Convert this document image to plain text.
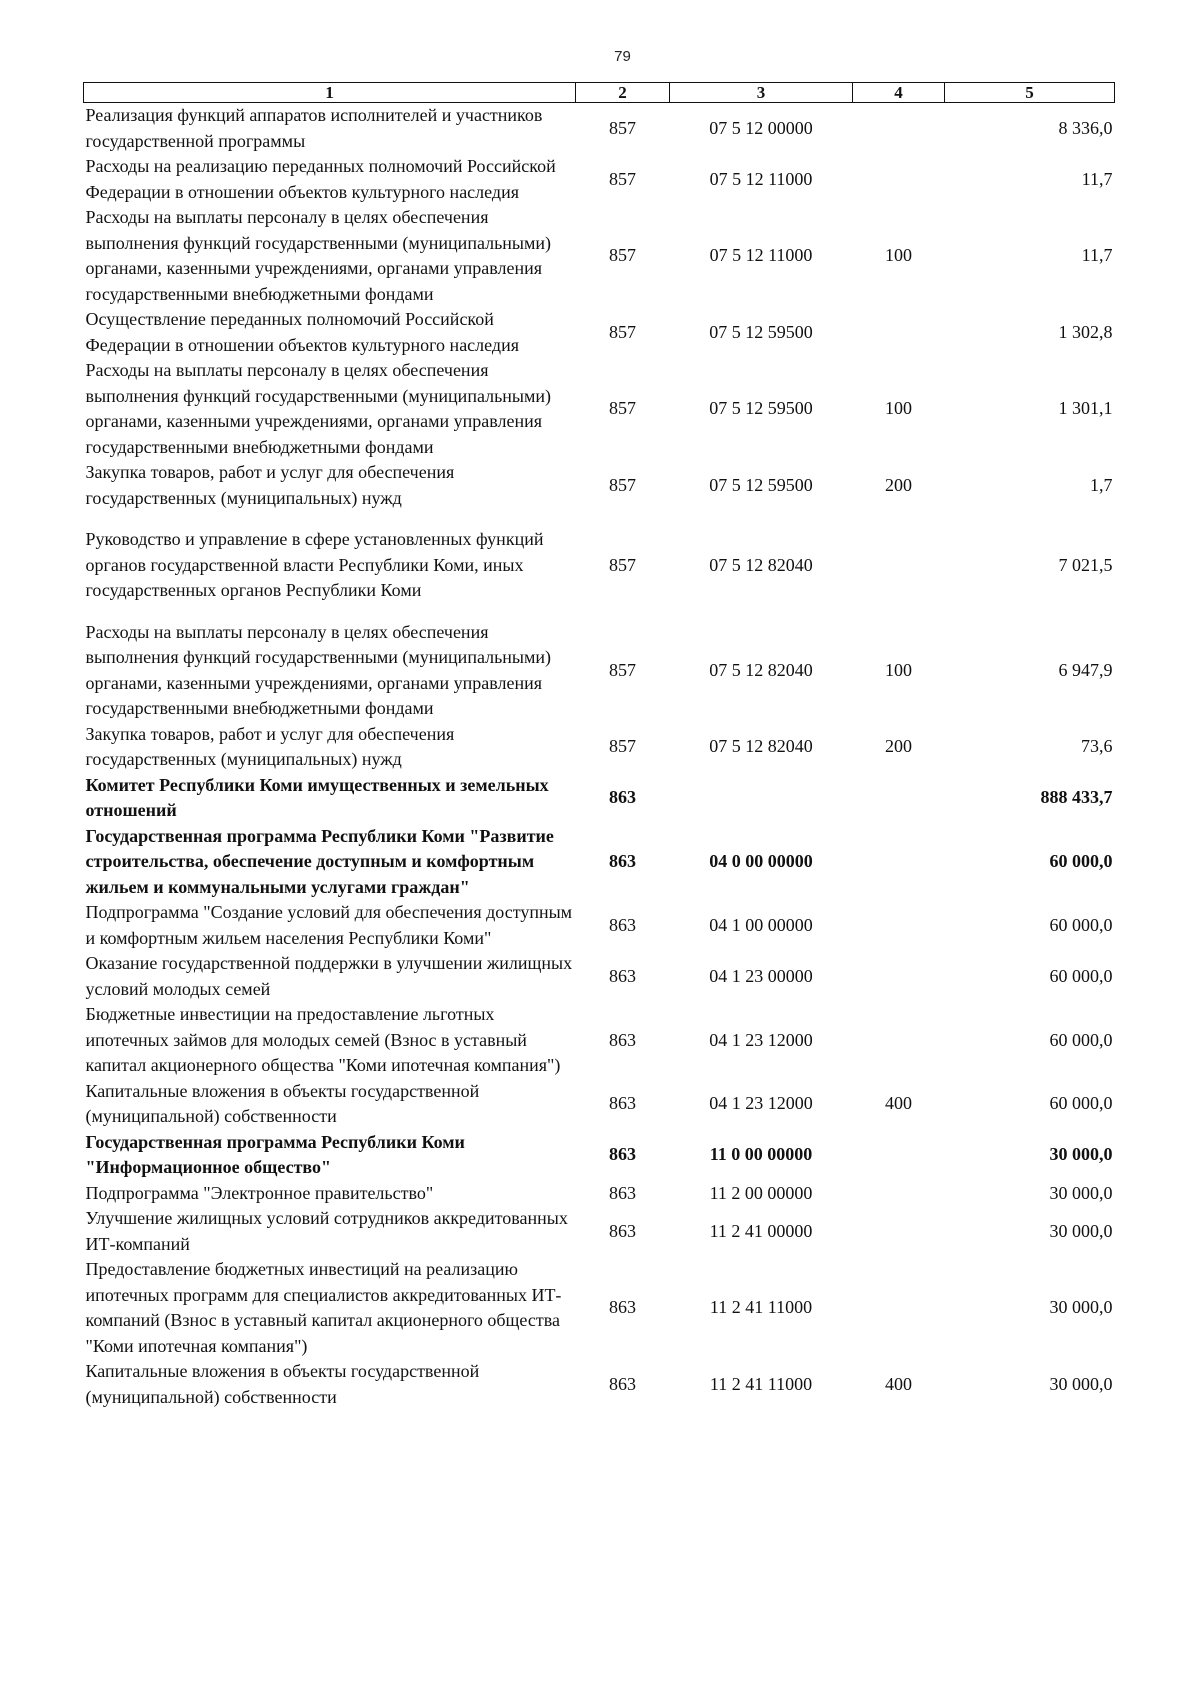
79
1	2	3	4	5
Реализация функций аппаратов исполнителей и участников государственной программы	857	07 5 12 00000		8 336,0
Расходы на реализацию переданных полномочий Российской Федерации в отношении объектов культурного наследия	857	07 5 12 11000		11,7
Расходы на выплаты персоналу в целях обеспечения выполнения функций государственными (муниципальными) органами, казенными учреждениями, органами управления государственными внебюджетными фондами	857	07 5 12 11000	100	11,7
Осуществление переданных полномочий Российской Федерации в отношении объектов культурного наследия	857	07 5 12 59500		1 302,8
Расходы на выплаты персоналу в целях обеспечения выполнения функций государственными (муниципальными) органами, казенными учреждениями, органами управления государственными внебюджетными фондами	857	07 5 12 59500	100	1 301,1
Закупка товаров, работ и услуг для обеспечения государственных (муниципальных) нужд	857	07 5 12 59500	200	1,7
Руководство и управление в сфере установленных функций органов государственной власти Республики Коми, иных государственных органов Республики Коми	857	07 5 12 82040		7 021,5
Расходы на выплаты персоналу в целях обеспечения выполнения функций государственными (муниципальными) органами, казенными учреждениями, органами управления государственными внебюджетными фондами	857	07 5 12 82040	100	6 947,9
Закупка товаров, работ и услуг для обеспечения государственных (муниципальных) нужд	857	07 5 12 82040	200	73,6
Комитет Республики Коми имущественных и земельных отношений	863			888 433,7
Государственная программа Республики Коми "Развитие строительства, обеспечение доступным и комфортным жильем и коммунальными услугами граждан"	863	04 0 00 00000		60 000,0
Подпрограмма "Создание условий для обеспечения доступным и комфортным жильем населения Республики Коми"	863	04 1 00 00000		60 000,0
Оказание государственной поддержки в улучшении жилищных условий молодых семей	863	04 1 23 00000		60 000,0
Бюджетные инвестиции на предоставление льготных ипотечных займов для молодых семей (Взнос в уставный капитал акционерного общества "Коми ипотечная компания")	863	04 1 23 12000		60 000,0
Капитальные вложения в объекты государственной (муниципальной) собственности	863	04 1 23 12000	400	60 000,0
Государственная программа Республики Коми "Информационное общество"	863	11 0 00 00000		30 000,0
Подпрограмма "Электронное правительство"	863	11 2 00 00000		30 000,0
Улучшение жилищных условий сотрудников аккредитованных ИТ-компаний	863	11 2 41 00000		30 000,0
Предоставление бюджетных инвестиций на реализацию ипотечных программ для специалистов аккредитованных ИТ-компаний (Взнос в уставный капитал акционерного общества "Коми ипотечная компания")	863	11 2 41 11000		30 000,0
Капитальные вложения в объекты государственной (муниципальной) собственности	863	11 2 41 11000	400	30 000,0
